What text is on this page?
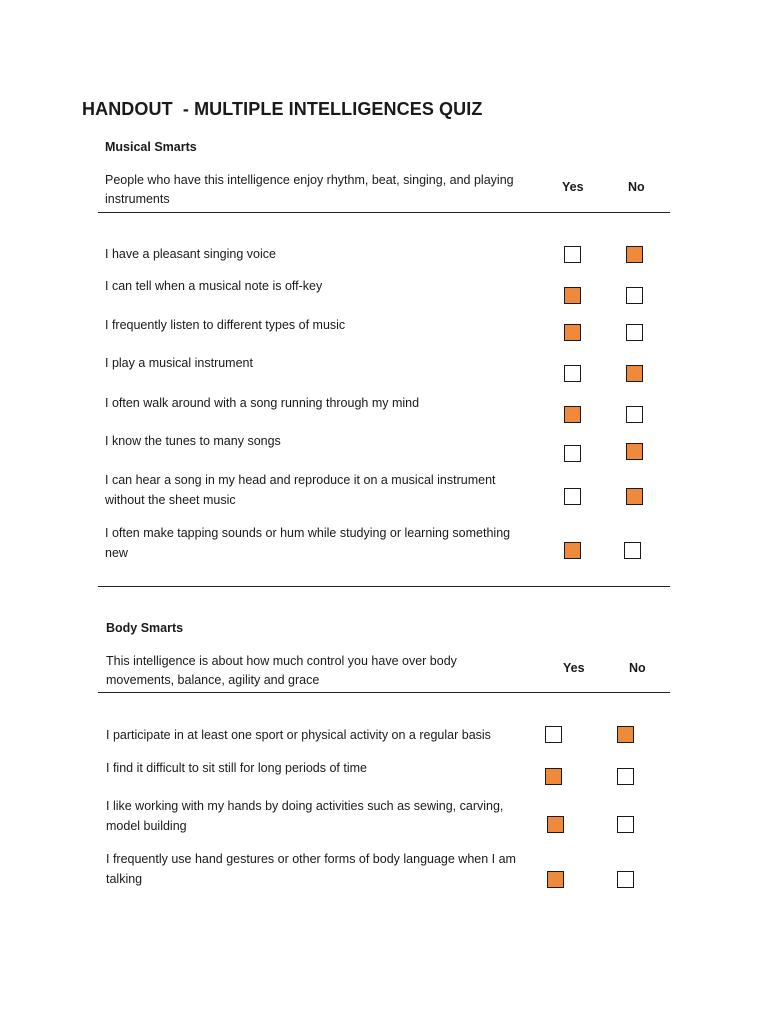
HANDOUT  - MULTIPLE INTELLIGENCES QUIZ
Musical Smarts
People who have this intelligence enjoy rhythm, beat, singing, and playing instruments
Yes	No
I have a pleasant singing voice
I can tell when a musical note is off-key
I frequently listen to different types of music
I play a musical instrument
I often walk around with a song running through my mind
I know the tunes to many songs
I can hear a song in my head and reproduce it on a musical instrument without the sheet music
I often make tapping sounds or hum while studying or learning something new
Body Smarts
This intelligence is about how much control you have over body movements, balance, agility and grace
Yes	No
I participate in at least one sport or physical activity on a regular basis
I find it difficult to sit still for long periods of time
I like working with my hands by doing activities such as sewing, carving, model building
I frequently use hand gestures or other forms of body language when I am talking
